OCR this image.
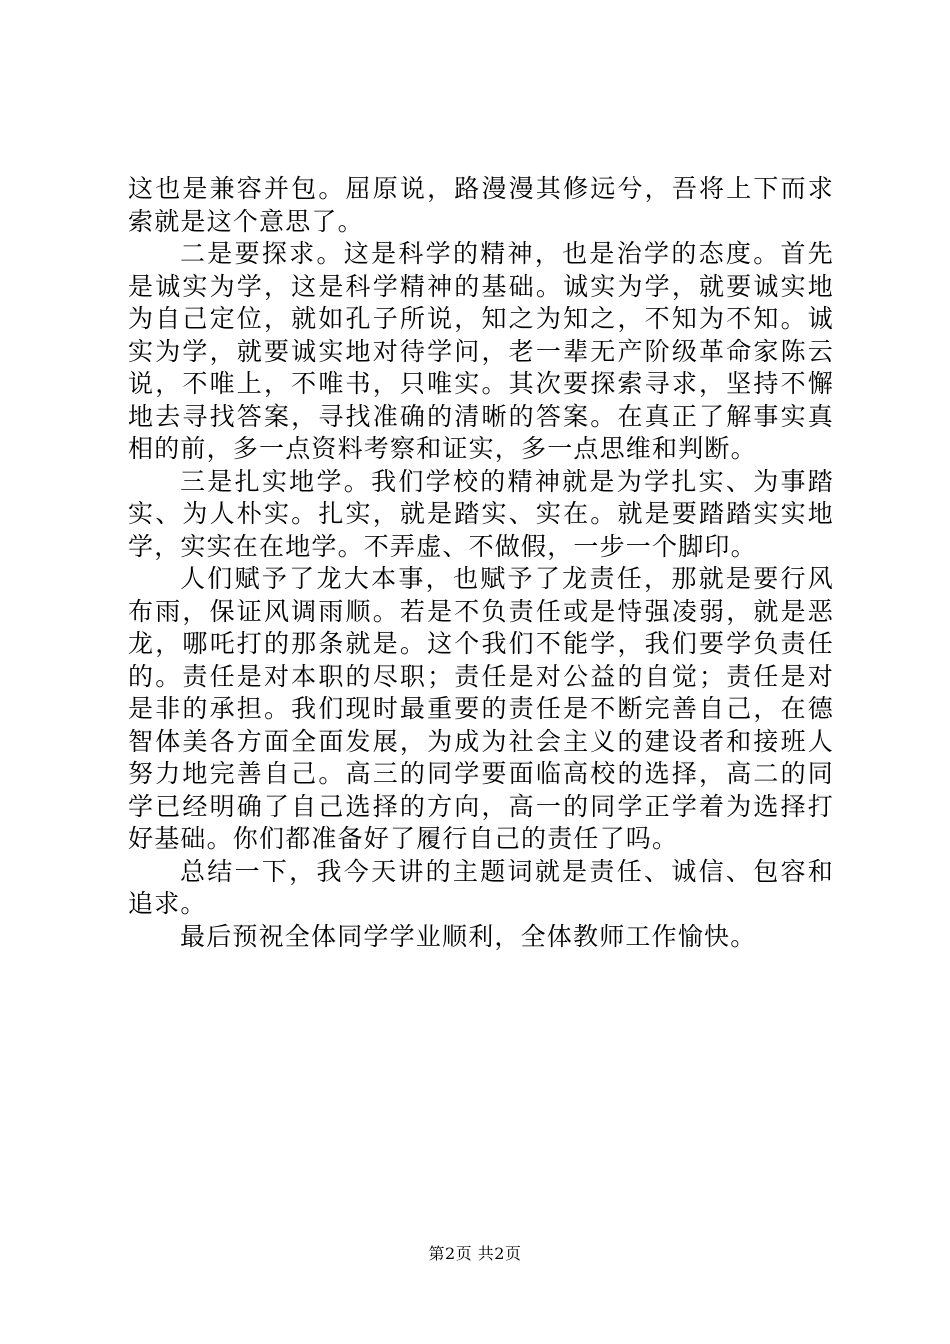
这也是兼容并包。屈原说，路漫漫其修远兮，吾将上下而求索就是这个意思了。

二是要探求。这是科学的精神，也是治学的态度。首先是诚实为学，这是科学精神的基础。诚实为学，就要诚实地为自己定位，就如孔子所说，知之为知之，不知为不知。诚实为学，就要诚实地对待学问，老一辈无产阶级革命家陈云说，不唯上，不唯书，只唯实。其次要探索寻求，坚持不懈地去寻找答案，寻找准确的清晰的答案。在真正了解事实真相的前，多一点资料考察和证实，多一点思维和判断。

三是扎实地学。我们学校的精神就是为学扎实、为事踏实、为人朴实。扎实，就是踏实、实在。就是要踏踏实实地学，实实在在地学。不弄虚、不做假，一步一个脚印。

人们赋予了龙大本事，也赋予了龙责任，那就是要行风布雨，保证风调雨顺。若是不负责任或是恃强凌弱，就是恶龙，哪吒打的那条就是。这个我们不能学，我们要学负责任的。责任是对本职的尽职；责任是对公益的自觉；责任是对是非的承担。我们现时最重要的责任是不断完善自己，在德智体美各方面全面发展，为成为社会主义的建设者和接班人努力地完善自己。高三的同学要面临高校的选择，高二的同学已经明确了自己选择的方向，高一的同学正学着为选择打好基础。你们都准备好了履行自己的责任了吗。

总结一下，我今天讲的主题词就是责任、诚信、包容和追求。

最后预祝全体同学学业顺利，全体教师工作愉快。

第2页 共2页
